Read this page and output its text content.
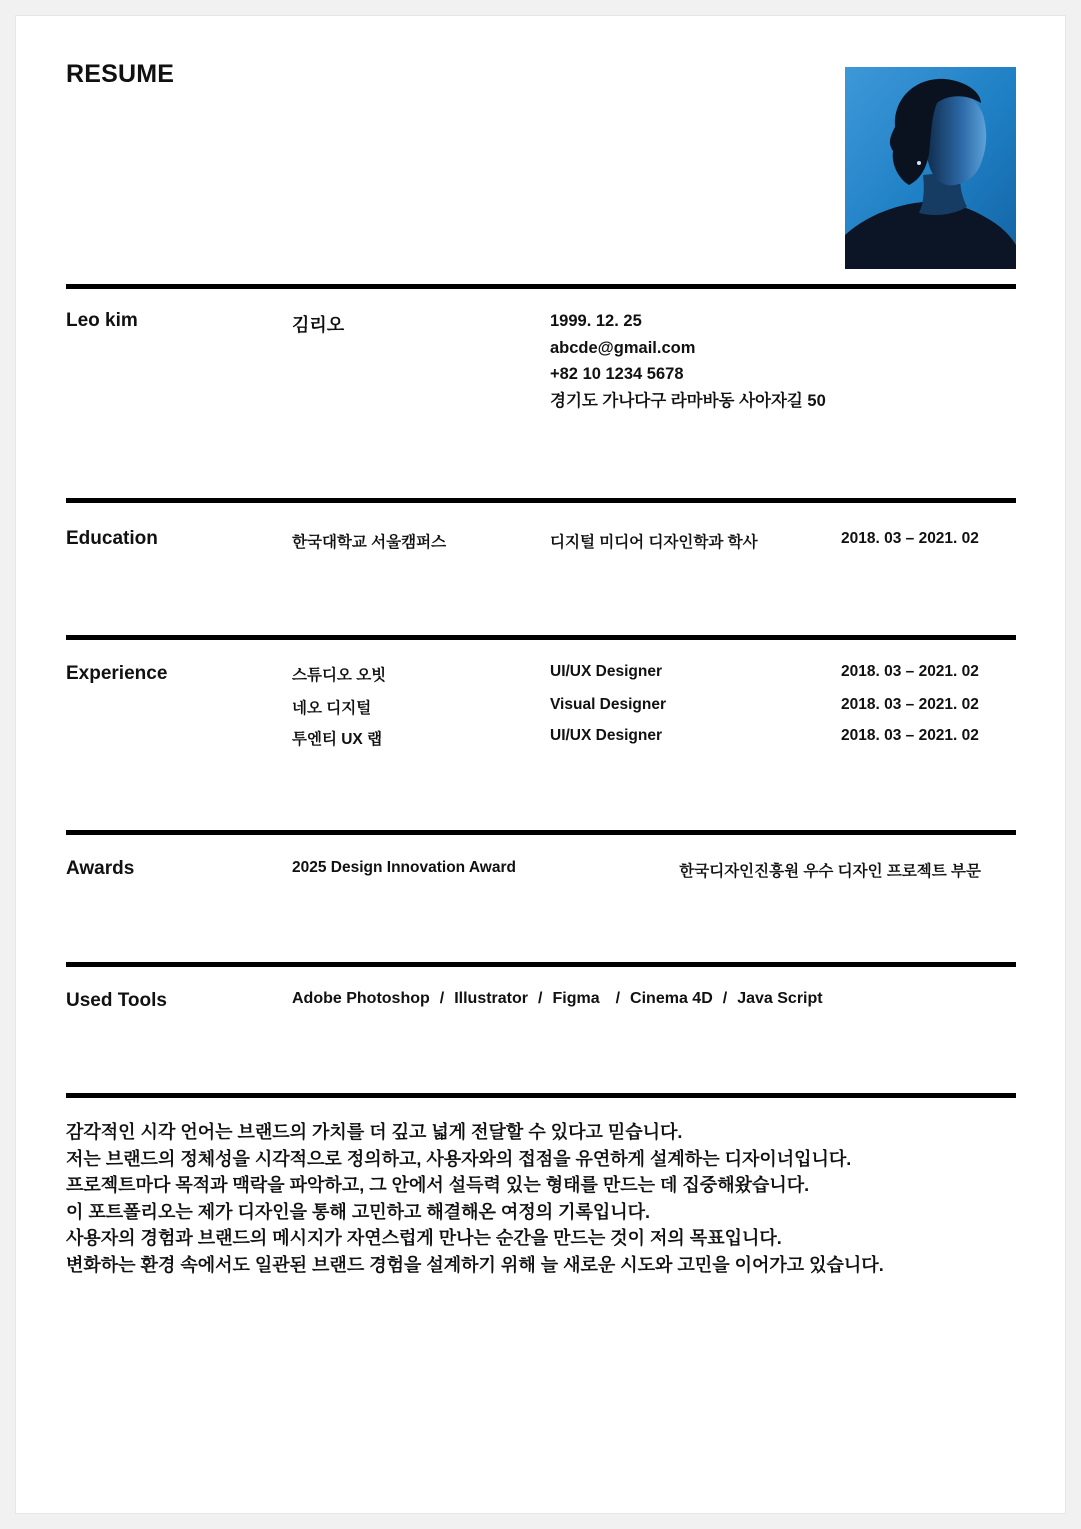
RESUME
Leo kim	김리오	1999. 12. 25
abcde@gmail.com
+82 10 1234 5678
경기도 가나다구 라마바동 사아자길 50
Education	한국대학교 서울캠퍼스	디지털 미디어 디자인학과 학사	2018. 03 – 2021. 02
Experience	스튜디오 오빗	UI/UX Designer	2018. 03 – 2021. 02
네오 디지털	Visual Designer	2018. 03 – 2021. 02
투엔티 UX 랩	UI/UX Designer	2018. 03 – 2021. 02
Awards	2025 Design Innovation Award	한국디자인진흥원 우수 디자인 프로젝트 부문
Used Tools	Adobe Photoshop / Illustrator / Figma / Cinema 4D / Java Script
감각적인 시각 언어는 브랜드의 가치를 더 깊고 넓게 전달할 수 있다고 믿습니다.
저는 브랜드의 정체성을 시각적으로 정의하고, 사용자와의 접점을 유연하게 설계하는 디자이너입니다.
프로젝트마다 목적과 맥락을 파악하고, 그 안에서 설득력 있는 형태를 만드는 데 집중해왔습니다.
이 포트폴리오는 제가 디자인을 통해 고민하고 해결해온 여정의 기록입니다.
사용자의 경험과 브랜드의 메시지가 자연스럽게 만나는 순간을 만드는 것이 저의 목표입니다.
변화하는 환경 속에서도 일관된 브랜드 경험을 설계하기 위해 늘 새로운 시도와 고민을 이어가고 있습니다.
